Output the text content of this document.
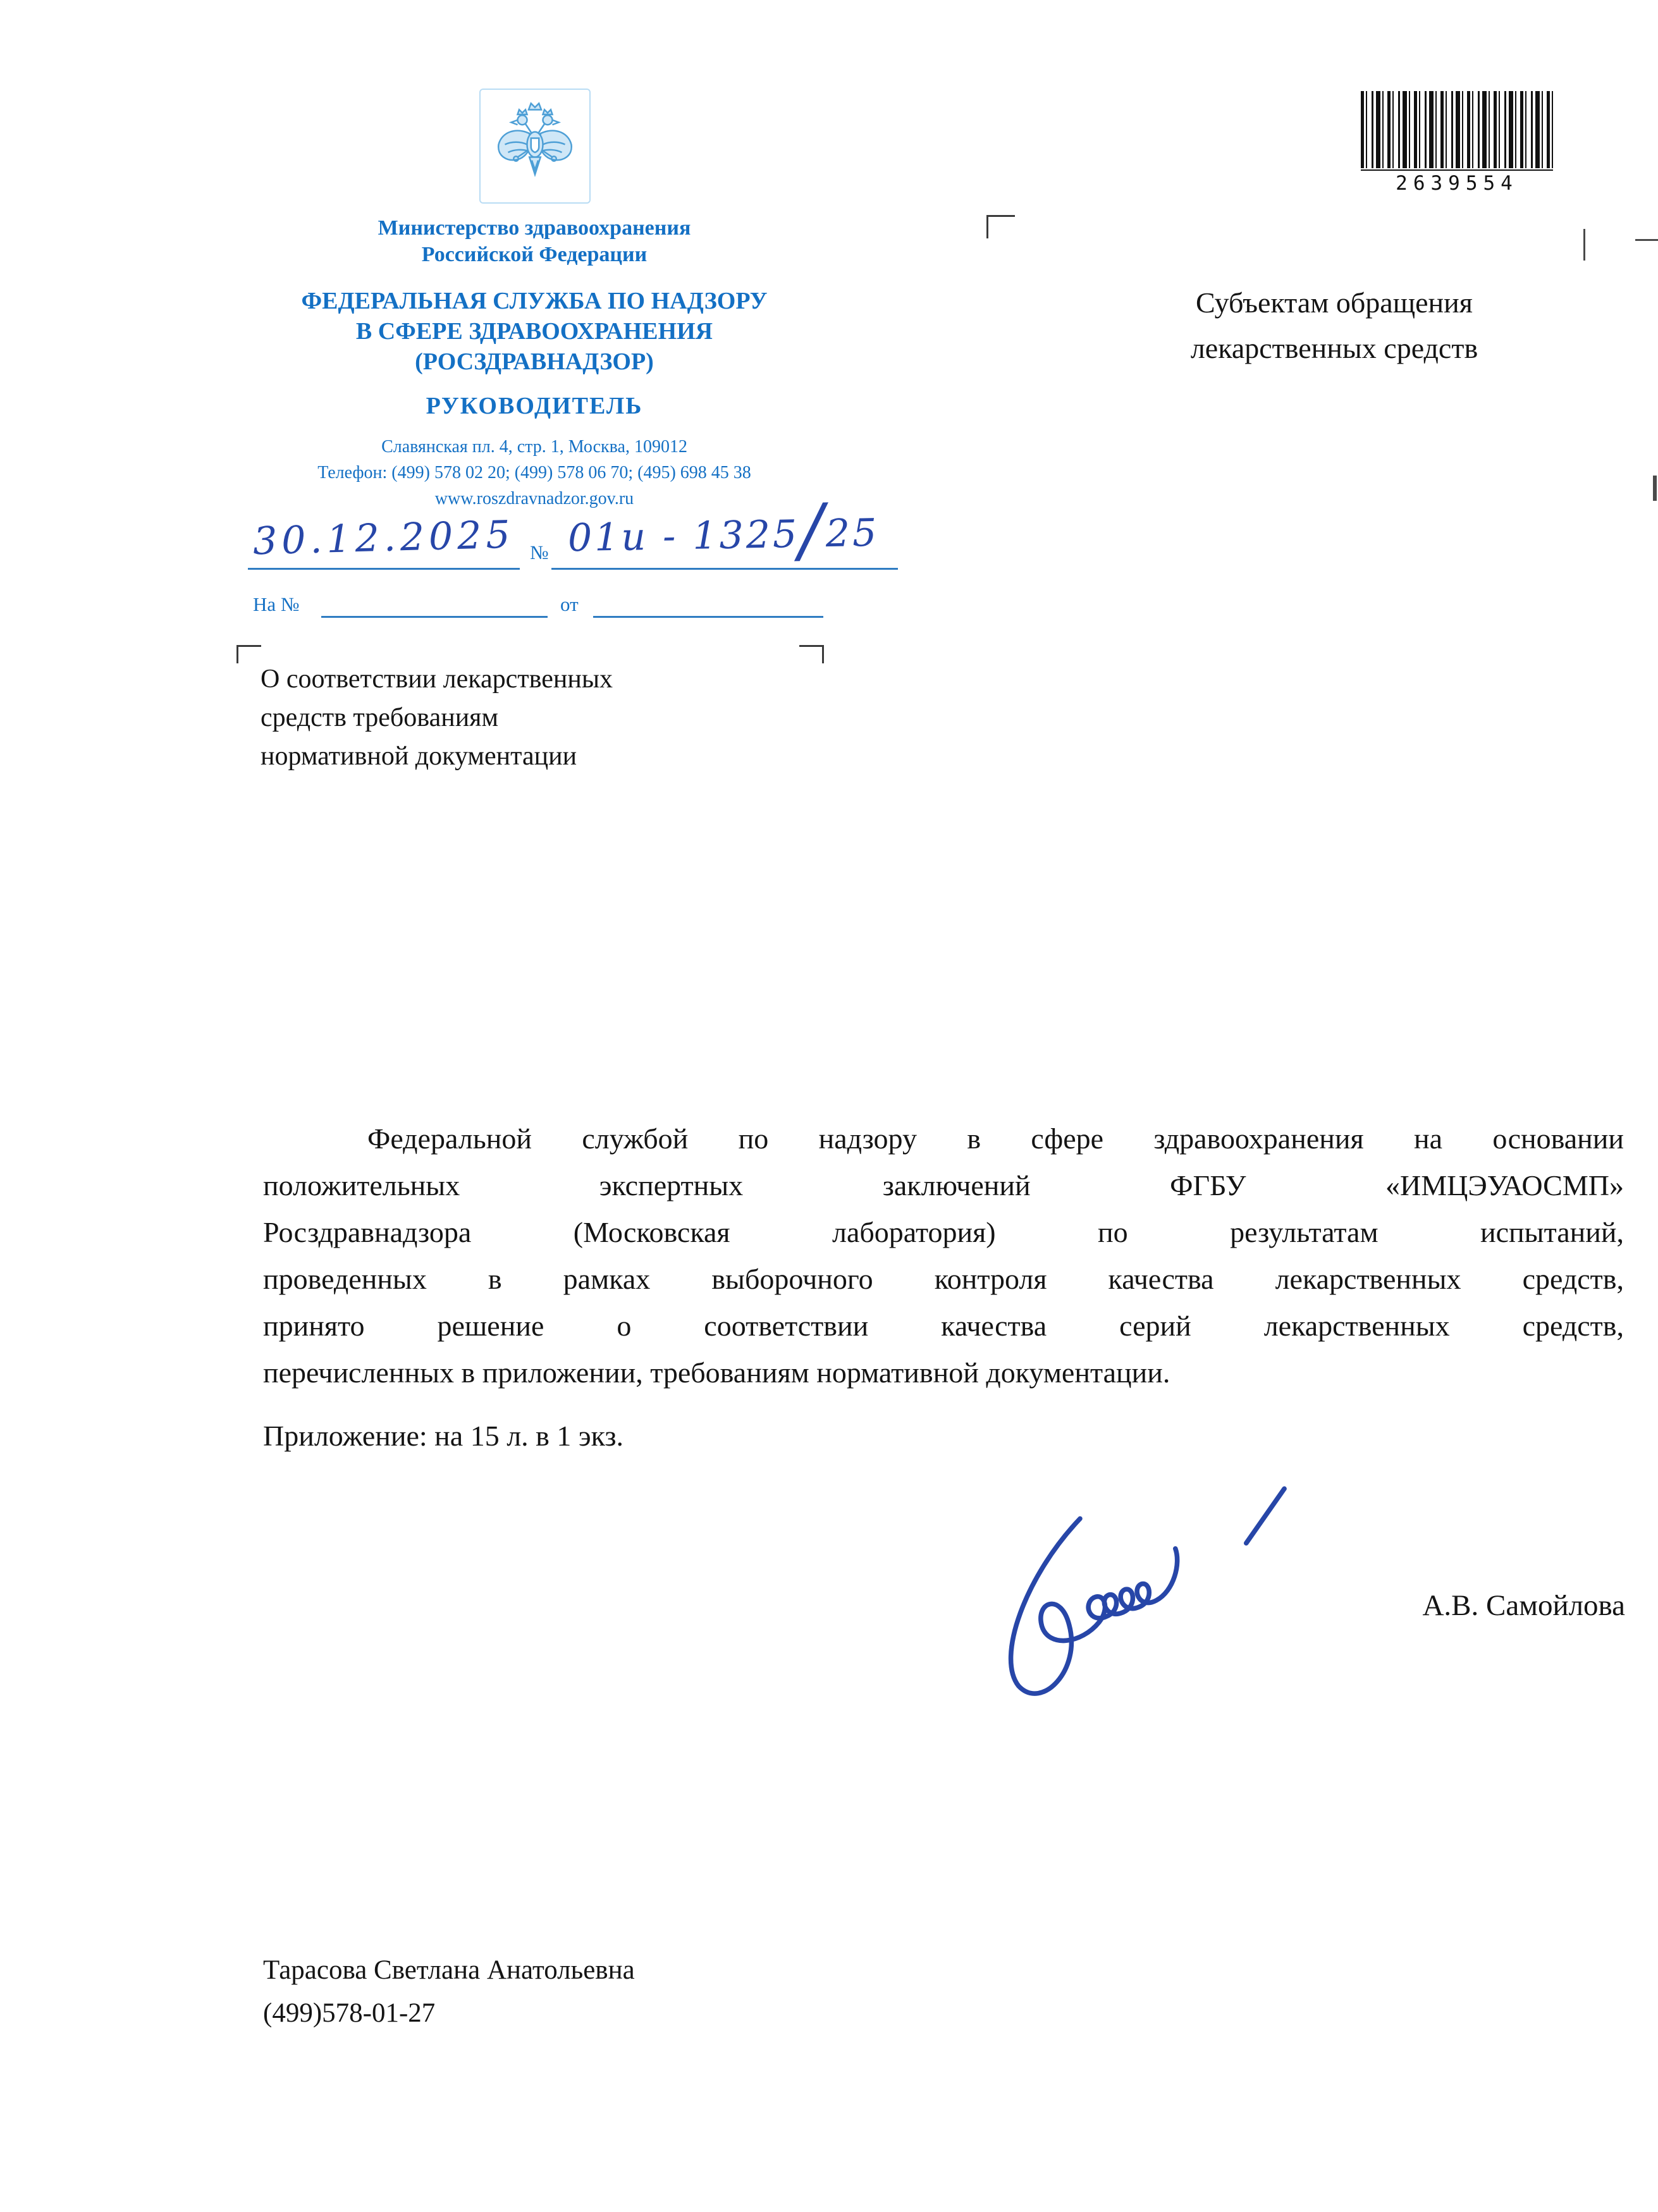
Министерство здравоохранения
Российской Федерации
ФЕДЕРАЛЬНАЯ СЛУЖБА ПО НАДЗОРУ
В СФЕРЕ ЗДРАВООХРАНЕНИЯ
(РОСЗДРАВНАДЗОР)
РУКОВОДИТЕЛЬ
Славянская пл. 4, стр. 1, Москва, 109012
Телефон: (499) 578 02 20; (499) 578 06 70; (495) 698 45 38
www.roszdravnadzor.gov.ru
2639554
Субъектам обращения
лекарственных средств
30.12.2025 № 01и - 1325/25
На №	от
О соответствии лекарственных
средств требованиям
нормативной документации
Федеральной службой по надзору в сфере здравоохранения на основании
положительных экспертных заключений ФГБУ «ИМЦЭУАОСМП»
Росздравнадзора (Московская лаборатория) по результатам испытаний,
проведенных в рамках выборочного контроля качества лекарственных средств,
принято решение о соответствии качества серий лекарственных средств,
перечисленных в приложении, требованиям нормативной документации.
Приложение: на 15 л. в 1 экз.
А.В. Самойлова
Тарасова Светлана Анатольевна
(499)578-01-27
